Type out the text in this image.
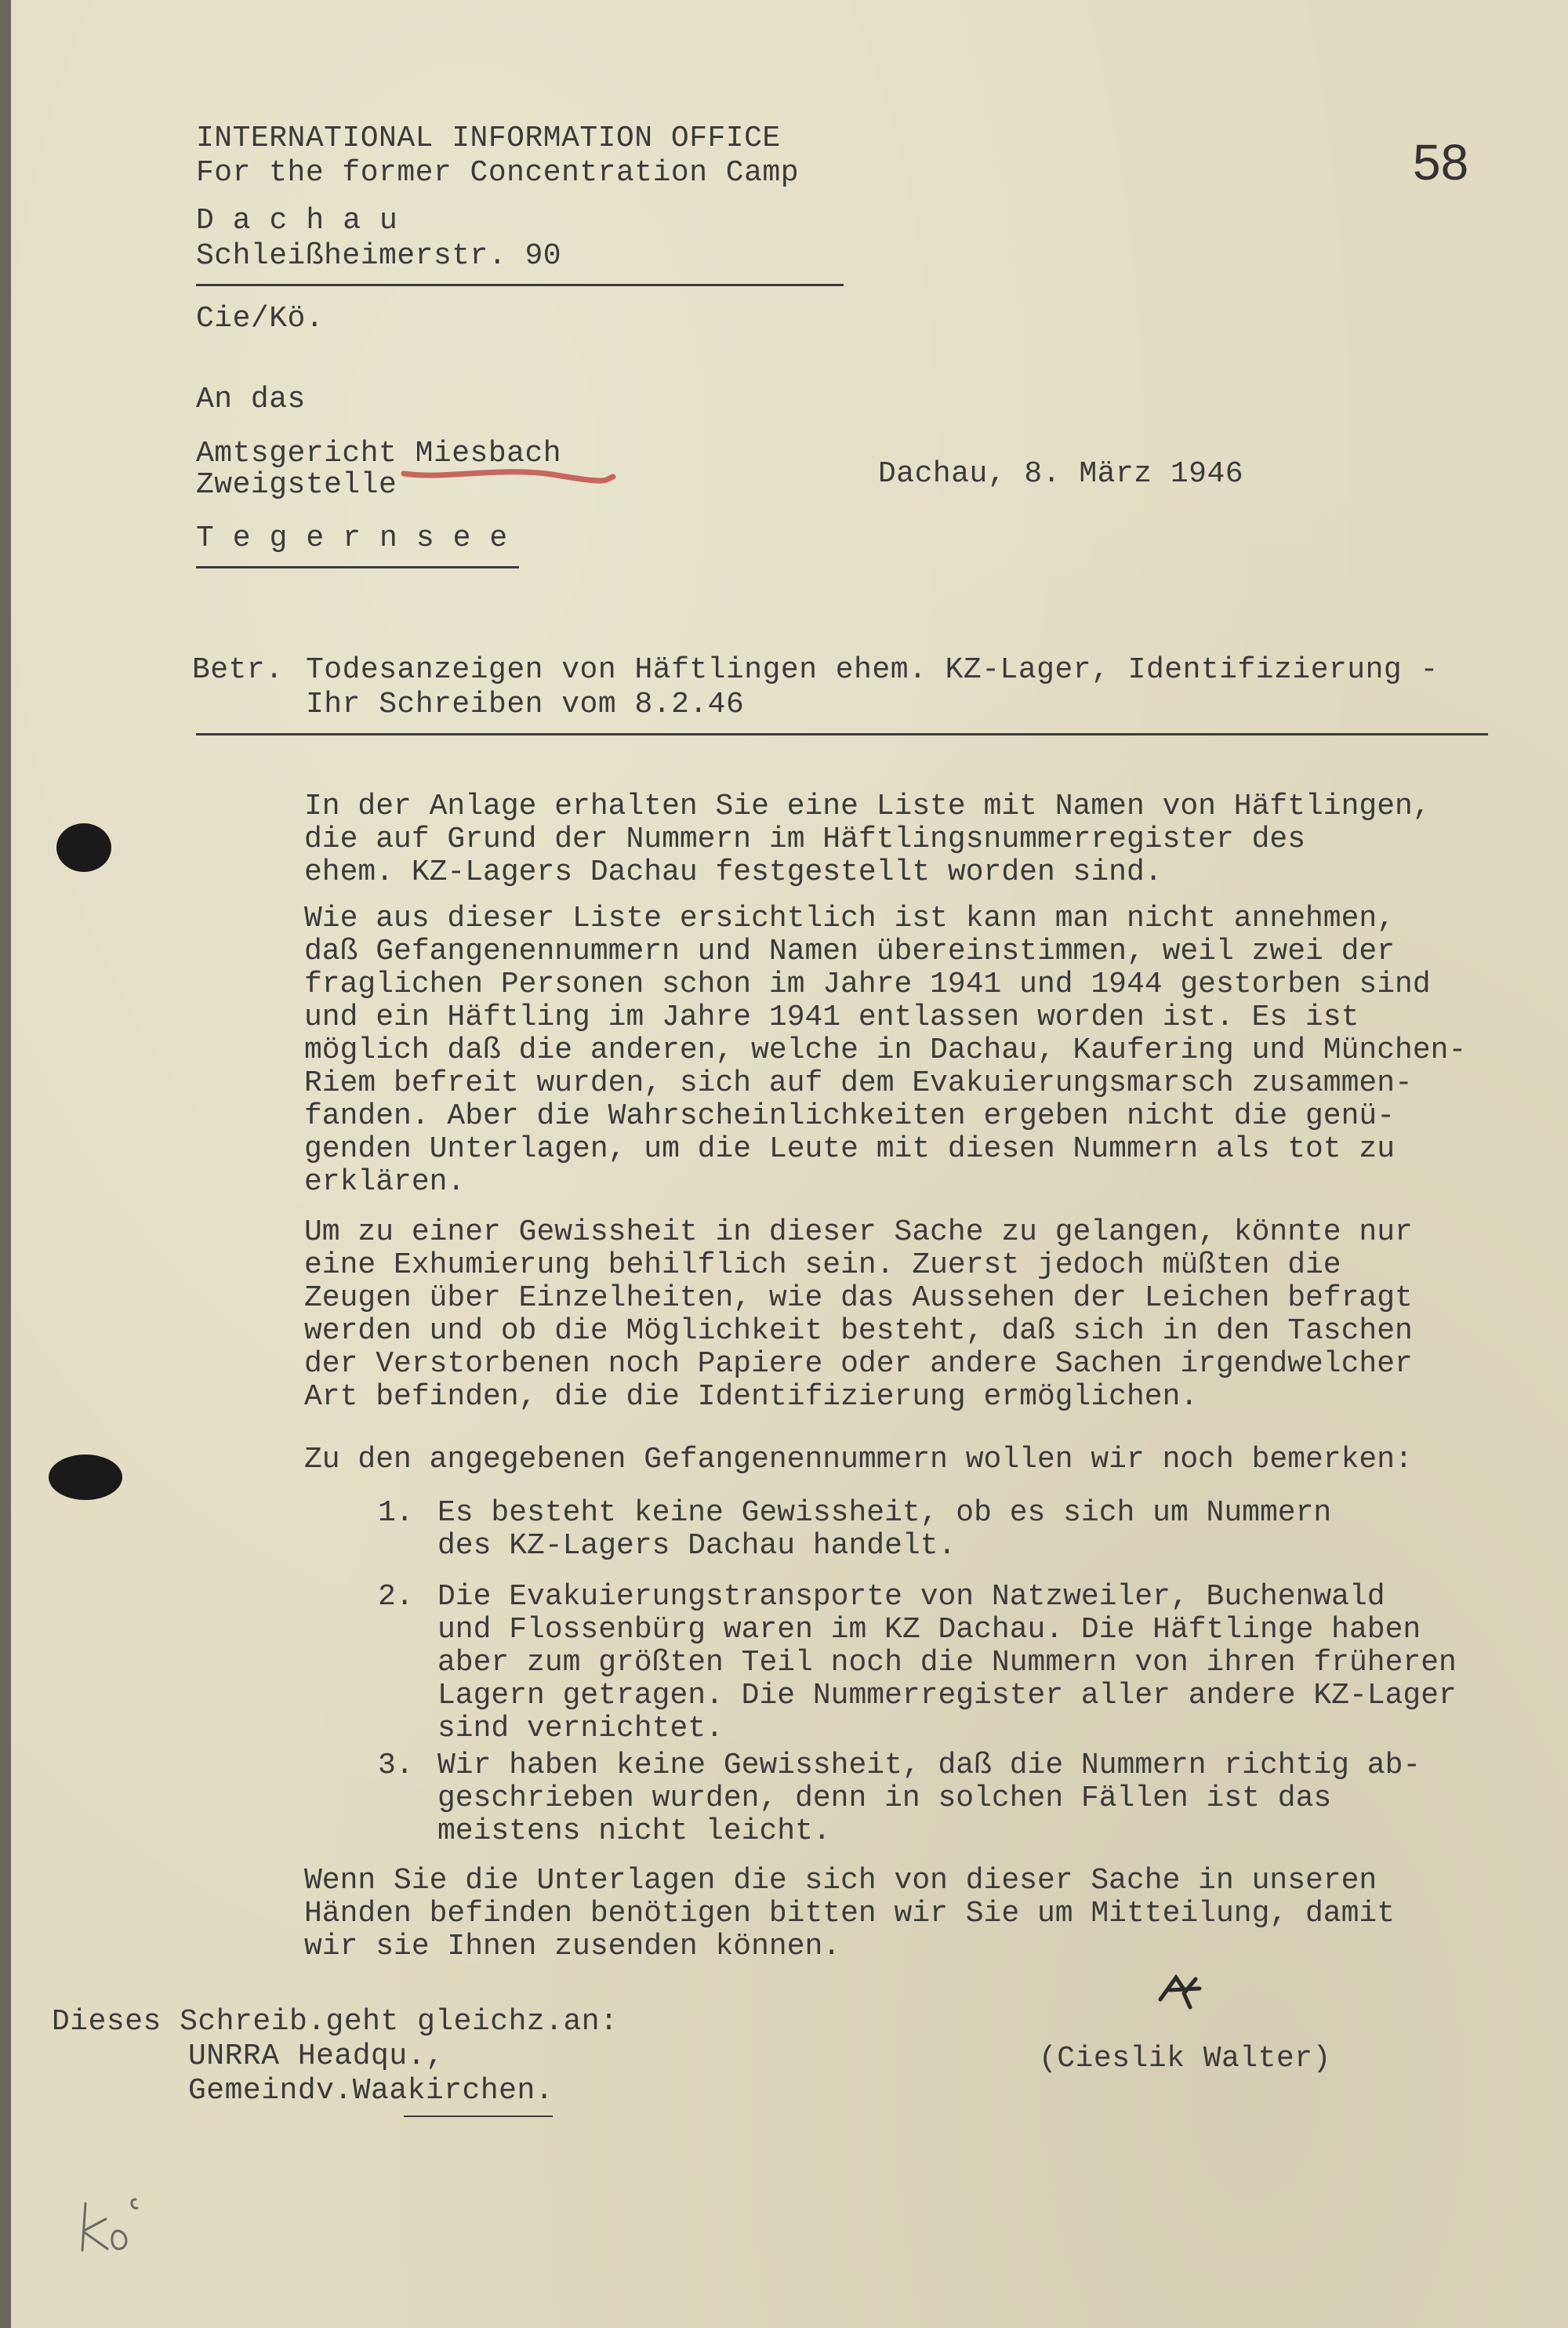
58
INTERNATIONAL INFORMATION OFFICE
For the former Concentration Camp
Dachau
Schleißheimerstr. 90
Cie/Kö.
An das
Amtsgericht Miesbach
Zweigstelle
Tegernsee
Dachau, 8. März 1946
Betr. Todesanzeigen von Häftlingen ehem. KZ-Lager, Identifizierung -
Ihr Schreiben vom 8.2.46
In der Anlage erhalten Sie eine Liste mit Namen von Häftlingen,
die auf Grund der Nummern im Häftlingsnummerregister des
ehem. KZ-Lagers Dachau festgestellt worden sind.
Wie aus dieser Liste ersichtlich ist kann man nicht annehmen,
daß Gefangenennummern und Namen übereinstimmen, weil zwei der
fraglichen Personen schon im Jahre 1941 und 1944 gestorben sind
und ein Häftling im Jahre 1941 entlassen worden ist. Es ist
möglich daß die anderen, welche in Dachau, Kaufering und München-
Riem befreit wurden, sich auf dem Evakuierungsmarsch zusammen-
fanden. Aber die Wahrscheinlichkeiten ergeben nicht die genü-
genden Unterlagen, um die Leute mit diesen Nummern als tot zu
erklären.
Um zu einer Gewissheit in dieser Sache zu gelangen, könnte nur
eine Exhumierung behilflich sein. Zuerst jedoch müßten die
Zeugen über Einzelheiten, wie das Aussehen der Leichen befragt
werden und ob die Möglichkeit besteht, daß sich in den Taschen
der Verstorbenen noch Papiere oder andere Sachen irgendwelcher
Art befinden, die die Identifizierung ermöglichen.
Zu den angegebenen Gefangenennummern wollen wir noch bemerken:
1. Es besteht keine Gewissheit, ob es sich um Nummern
des KZ-Lagers Dachau handelt.
2. Die Evakuierungstransporte von Natzweiler, Buchenwald
und Flossenbürg waren im KZ Dachau. Die Häftlinge haben
aber zum größten Teil noch die Nummern von ihren früheren
Lagern getragen. Die Nummerregister aller andere KZ-Lager
sind vernichtet.
3. Wir haben keine Gewissheit, daß die Nummern richtig ab-
geschrieben wurden, denn in solchen Fällen ist das
meistens nicht leicht.
Wenn Sie die Unterlagen die sich von dieser Sache in unseren
Händen befinden benötigen bitten wir Sie um Mitteilung, damit
wir sie Ihnen zusenden können.
(Cieslik Walter)
Dieses Schreib.geht gleichz.an:
UNRRA Headqu.,
Gemeindv.Waakirchen.
